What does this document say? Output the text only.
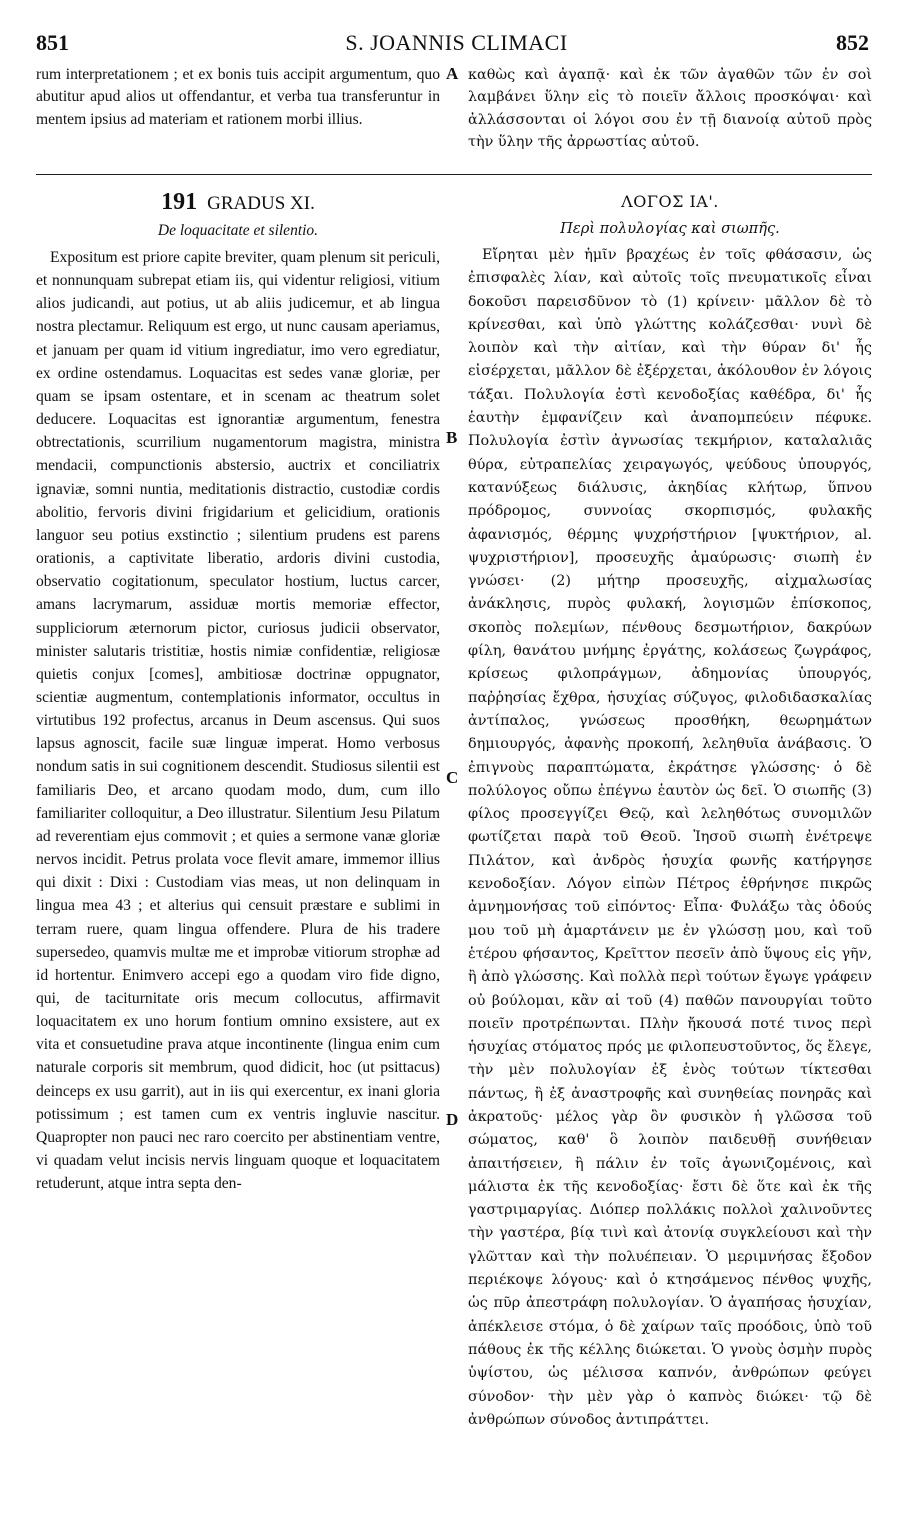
851	S. JOANNIS CLIMACI	852

rum interpretationem ; et ex bonis tuis accipit argumentum, quo abutitur apud alios ut offendantur, et verba tua transferuntur in mentem ipsius ad materiam et rationem morbi illius.

καθὼς καὶ ἀγαπᾷ· καὶ ἐκ τῶν ἀγαθῶν τῶν ἐν σοὶ λαμβάνει ὕλην εἰς τὸ ποιεῖν ἄλλοις προσκόψαι· καὶ ἀλλάσσονται οἱ λόγοι σου ἐν τῇ διανοίᾳ αὐτοῦ πρὸς τὴν ὕλην τῆς ἀρρωστίας αὐτοῦ.

A
B
C
D
191 GRADUS XI.
De loquacitate et silentio.

Expositum est priore capite breviter, quam plenum sit periculi, et nonnunquam subrepat etiam iis, qui videntur religiosi, vitium alios judicandi, aut potius, ut ab aliis judicemur, et ab lingua nostra plectamur. Reliquum est ergo, ut nunc causam aperiamus, et januam per quam id vitium ingrediatur, imo vero egrediatur, ex ordine ostendamus. Loquacitas est sedes vanæ gloriæ, per quam se ipsam ostentare, et in scenam ac theatrum solet deducere. Loquacitas est ignorantiæ argumentum, fenestra obtrectationis, scurrilium nugamentorum magistra, ministra mendacii, compunctionis abstersio, auctrix et conciliatrix ignaviæ, somni nuntia, meditationis distractio, custodiæ cordis abolitio, fervoris divini frigidarium et gelicidium, orationis languor seu potius exstinctio ; silentium prudens est parens orationis, a captivitate liberatio, ardoris divini custodia, observatio cogitationum, speculator hostium, luctus carcer, amans lacrymarum, assiduæ mortis memoriæ effector, suppliciorum æternorum pictor, curiosus judicii observator, minister salutaris tristitiæ, hostis nimiæ confidentiæ, religiosæ quietis conjux [comes], ambitiosæ doctrinæ oppugnator, scientiæ augmentum, contemplationis informator, occultus in virtutibus 192 profectus, arcanus in Deum ascensus. Qui suos lapsus agnoscit, facile suæ linguæ imperat. Homo verbosus nondum satis in sui cognitionem descendit. Studiosus silentii est familiaris Deo, et arcano quodam modo, dum, cum illo familiariter colloquitur, a Deo illustratur. Silentium Jesu Pilatum ad reverentiam ejus commovit ; et quies a sermone vanæ gloriæ nervos incidit. Petrus prolata voce flevit amare, immemor illius qui dixit : Dixi : Custodiam vias meas, ut non delinquam in lingua mea 43 ; et alterius qui censuit præstare e sublimi in terram ruere, quam lingua offendere. Plura de his tradere supersedeo, quamvis multæ me et improbæ vitiorum strophæ ad id hortentur. Enimvero accepi ego a quodam viro fide digno, qui, de taciturnitate oris mecum collocutus, affirmavit loquacitatem ex uno horum fontium omnino exsistere, aut ex vita et consuetudine prava atque incontinente (lingua enim cum naturale corporis sit membrum, quod didicit, hoc (ut psittacus) deinceps ex usu garrit), aut in iis qui exercentur, ex inani gloria potissimum ; est tamen cum ex ventris ingluvie nascitur. Quapropter non pauci nec raro coercito per abstinentiam ventre, vi quadam velut incisis nervis linguam quoque et loquacitatem retuderunt, atque intra septa den-

ΛΟΓΟΣ ΙΑ'.
Περὶ πολυλογίας καὶ σιωπῆς.

Εἴρηται μὲν ἡμῖν βραχέως ἐν τοῖς φθάσασιν, ὡς ἐπισφαλὲς λίαν, καὶ αὐτοῖς τοῖς πνευματικοῖς εἶναι δοκοῦσι παρεισδῦνον τὸ (1) κρίνειν· μᾶλλον δὲ τὸ κρίνεσθαι, καὶ ὑπὸ γλώττης κολάζεσθαι· νυνὶ δὲ λοιπὸν καὶ τὴν αἰτίαν, καὶ τὴν θύραν δι' ἧς εἰσέρχεται, μᾶλλον δὲ ἐξέρχεται, ἀκόλουθον ἐν λόγοις τάξαι. Πολυλογία ἐστὶ κενοδοξίας καθέδρα, δι' ἧς ἑαυτὴν ἐμφανίζειν καὶ ἀναπομπεύειν πέφυκε. Πολυλογία ἐστὶν ἀγνωσίας τεκμήριον, καταλαλιᾶς θύρα, εὐτραπελίας χειραγωγός, ψεύδους ὑπουργός, κατανύξεως διάλυσις, ἀκηδίας κλήτωρ, ὕπνου πρόδρομος, συννοίας σκορπισμός, φυλακῆς ἀφανισμός, θέρμης ψυχρήστήριον [ψυκτήριον, al. ψυχριστήριον], προσευχῆς ἀμαύρωσις· σιωπὴ ἐν γνώσει· (2) μήτηρ προσευχῆς, αἰχμαλωσίας ἀνάκλησις, πυρὸς φυλακή, λογισμῶν ἐπίσκοπος, σκοπὸς πολεμίων, πένθους δεσμωτήριον, δακρύων φίλη, θανάτου μνήμης ἐργάτης, κολάσεως ζωγράφος, κρίσεως φιλοπράγμων, ἀδημονίας ὑπουργός, παῤῥησίας ἔχθρα, ἡσυχίας σύζυγος, φιλοδιδασκαλίας ἀντίπαλος, γνώσεως προσθήκη, θεωρημάτων δημιουργός, ἀφανὴς προκοπή, λεληθυῖα ἀνάβασις. Ὁ ἐπιγνοὺς παραπτώματα, ἐκράτησε γλώσσης· ὁ δὲ πολύλογος οὔπω ἐπέγνω ἑαυτὸν ὡς δεῖ. Ὁ σιωπῆς (3) φίλος προσεγγίζει Θεῷ, καὶ λεληθότως συνομιλῶν φωτίζεται παρὰ τοῦ Θεοῦ. Ἰησοῦ σιωπὴ ἐνέτρεψε Πιλάτον, καὶ ἀνδρὸς ἡσυχία φωνῆς κατήργησε κενοδοξίαν. Λόγον εἰπὼν Πέτρος ἐθρήνησε πικρῶς ἀμνημονήσας τοῦ εἰπόντος· Εἶπα· Φυλάξω τὰς ὁδούς μου τοῦ μὴ ἁμαρτάνειν με ἐν γλώσσῃ μου, καὶ τοῦ ἑτέρου φήσαντος, Κρεῖττον πεσεῖν ἀπὸ ὕψους εἰς γῆν, ἢ ἀπὸ γλώσσης. Καὶ πολλὰ περὶ τούτων ἔγωγε γράφειν οὐ βούλομαι, κἂν αἱ τοῦ (4) παθῶν πανουργίαι τοῦτο ποιεῖν προτρέπωνται. Πλὴν ἤκουσά ποτέ τινος περὶ ἡσυχίας στόματος πρός με φιλοπευστοῦντος, ὅς ἔλεγε, τὴν μὲν πολυλογίαν ἐξ ἑνὸς τούτων τίκτεσθαι πάντως, ἢ ἐξ ἀναστροφῆς καὶ συνηθείας πονηρᾶς καὶ ἀκρατοῦς· μέλος γὰρ ὂν φυσικὸν ἡ γλῶσσα τοῦ σώματος, καθ' ὃ λοιπὸν παιδευθῇ συνήθειαν ἀπαιτήσειεν, ἢ πάλιν ἐν τοῖς ἀγωνιζομένοις, καὶ μάλιστα ἐκ τῆς κενοδοξίας· ἔστι δὲ ὅτε καὶ ἐκ τῆς γαστριμαργίας. Διόπερ πολλάκις πολλοὶ χαλινοῦντες τὴν γαστέρα, βίᾳ τινὶ καὶ ἀτονίᾳ συγκλείουσι καὶ τὴν γλῶτταν καὶ τὴν πολυέπειαν. Ὁ μεριμνήσας ἔξοδον περιέκοψε λόγους· καὶ ὁ κτησάμενος πένθος ψυχῆς, ὡς πῦρ ἀπεστράφη πολυλογίαν. Ὁ ἀγαπήσας ἡσυχίαν, ἀπέκλεισε στόμα, ὁ δὲ χαίρων ταῖς προόδοις, ὑπὸ τοῦ πάθους ἐκ τῆς κέλλης διώκεται. Ὁ γνοὺς ὀσμὴν πυρὸς ὑψίστου, ὡς μέλισσα καπνόν, ἀνθρώπων φεύγει σύνοδον· τὴν μὲν γὰρ ὁ καπνὸς διώκει· τῷ δὲ ἀνθρώπων σύνοδος ἀντιπράττει.
